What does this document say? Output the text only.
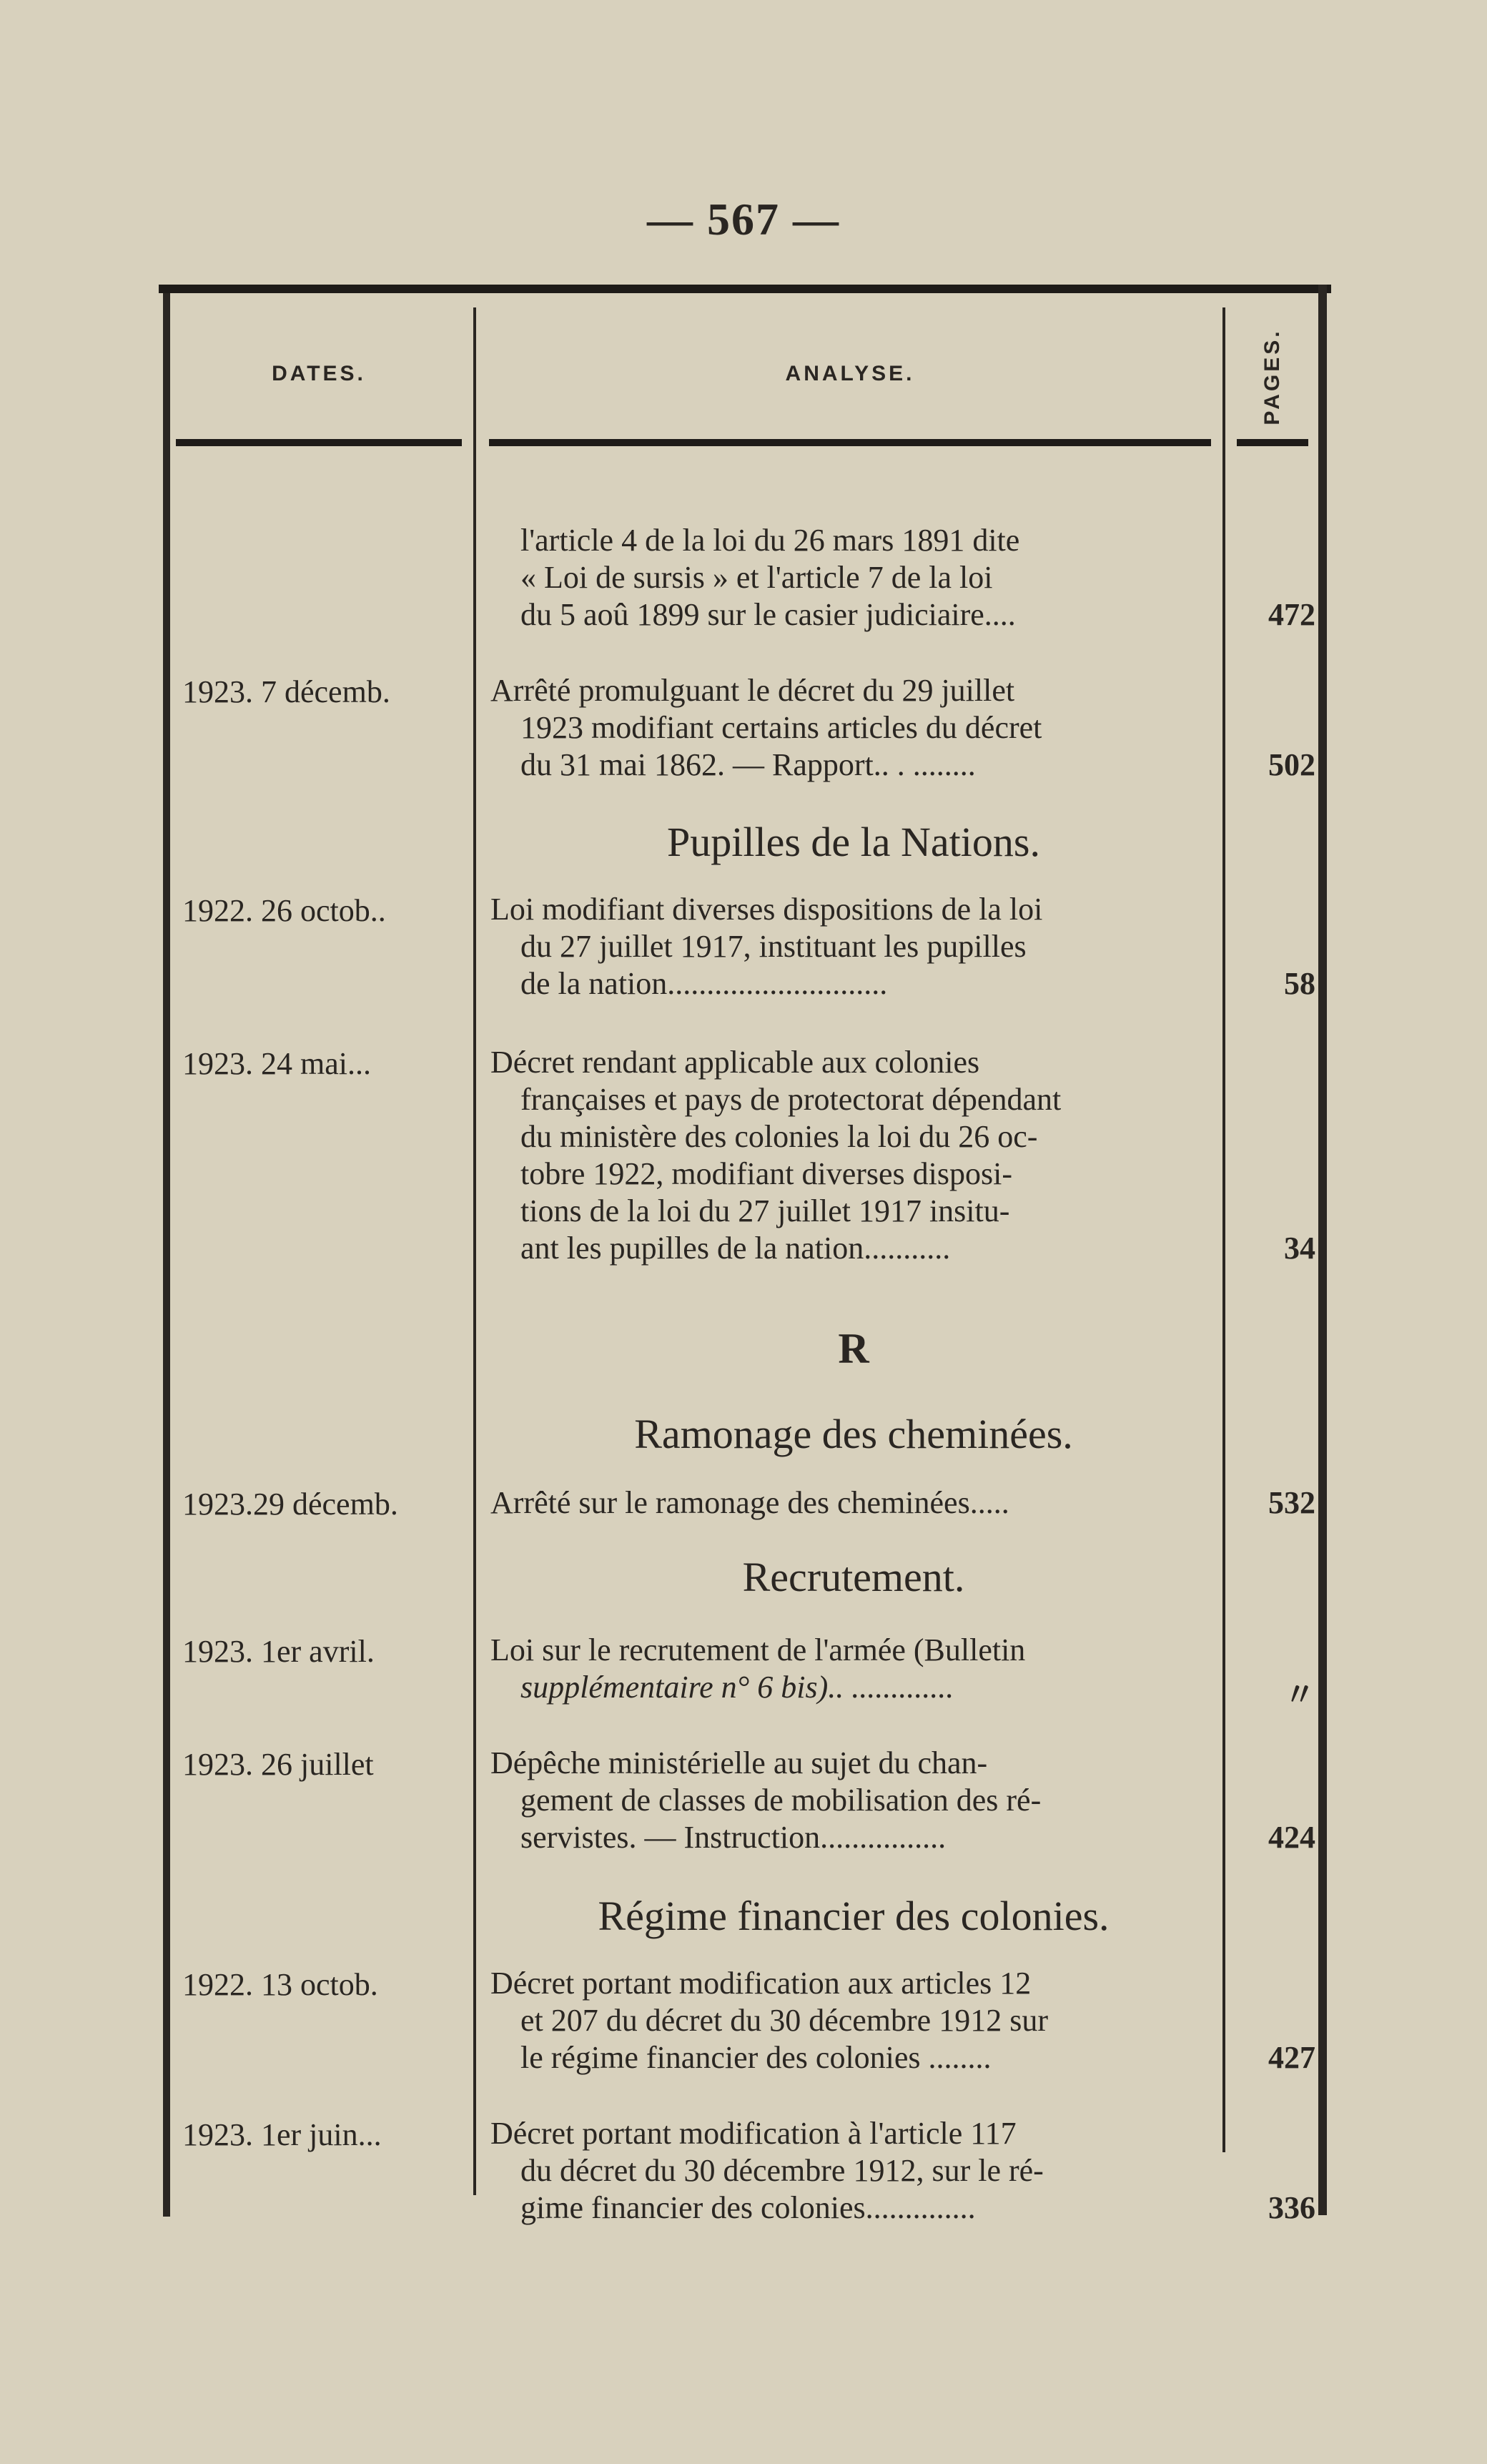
— 567 —
DATES.	ANALYSE.	PAGES.
l'article 4 de la loi du 26 mars 1891 dite
« Loi de sursis » et l'article 7 de la loi
du 5 aoû 1899 sur le casier judiciaire....	472
1923. 7 décemb.	Arrêté promulguant le décret du 29 juillet
1923 modifiant certains articles du décret
du 31 mai 1862. — Rapport.. . ........	502
Pupilles de la Nations.
1922. 26 octob..	Loi modifiant diverses dispositions de la loi
du 27 juillet 1917, instituant les pupilles
de la nation............................	58
1923. 24 mai...	Décret rendant applicable aux colonies
françaises et pays de protectorat dépendant
du ministère des colonies la loi du 26 oc-
tobre 1922, modifiant diverses disposi-
tions de la loi du 27 juillet 1917 insitu-
ant les pupilles de la nation...........	34
R
Ramonage des cheminées.
1923.29 décemb.	Arrêté sur le ramonage des cheminées.....	532
Recrutement.
1923. 1er avril.	Loi sur le recrutement de l'armée (Bulletin
supplémentaire n° 6 bis).. .............	〃
1923. 26 juillet	Dépêche ministérielle au sujet du chan-
gement de classes de mobilisation des ré-
servistes. — Instruction................	424
Régime financier des colonies.
1922. 13 octob.	Décret portant modification aux articles 12
et 207 du décret du 30 décembre 1912 sur
le régime financier des colonies ........	427
1923. 1er juin...	Décret portant modification à l'article 117
du décret du 30 décembre 1912, sur le ré-
gime financier des colonies..............	336
